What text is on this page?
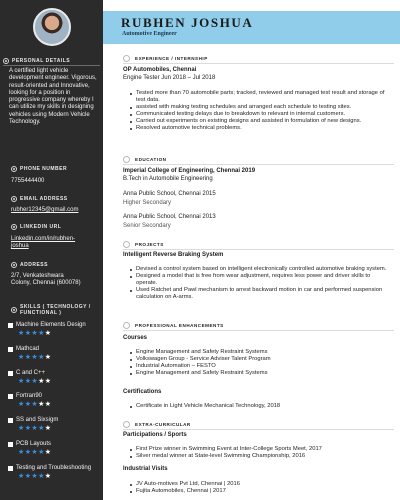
PERSONAL DETAILS
A certified light vehicle development engineer. Vigorous, result-oriented and Innovative, looking for a position in progressive company whereby I can utilize my skills in designing vehicles using Modern Vehicle Technology.
PHONE NUMBER
7755444400
EMAIL ADDRESS
rubher12345@gmail.com
LINKEDIN URL
Linkedin.com/in/rubhen-joshua
ADDRESS
2/7, Venkateshwara Colony, Chennai (600078)
SKILLS ( TECHNOLOGY / FUNCTIONAL )
Machine Elements Design
★★★★★
Mathcad
★★★★★
C and C++
★★★★★
Fortran90
★★★★★
SS and Sixsigm
★★★★★
PCB Layouts
★★★★★
Testing and Troubleshooting
★★★★★
RUBHEN JOSHUA
Automotive Engineer
EXPERIENCE / INTERNSHIP
OP Automobiles, Chennai
Engine Tester Jun 2018 – Jul 2018
Tested more than 70 automobile parts; tracked, reviewed and managed test result and storage of test data.
assisted with making testing schedules and arranged each schedule to testing sites.
Communicated testing delays due to breakdown to relevant in internal customers.
Carried out experiments on existing designs and assisted in formulation of new designs.
Resolved automotive technical problems.
EDUCATION
Imperial College of Engineering, Chennai 2019
B.Tech in Automobile Engineering
Anna Public School, Chennai 2015
Higher Secondary
Anna Public School, Chennai 2013
Senior Secondary
PROJECTS
Intelligent Reverse Braking System
Devised a control system based on intelligent electronically controlled automotive braking system.
Designed a model that is free from wear adjustment, requires less power and driver skills to operate.
Used Ratchet and Pawl mechanism to arrest backward motion in car and performed suspension calculation on A-arms.
PROFESSIONAL ENHANCEMENTS
Courses
Engine Management and Safety Restraint Systems
Volkswagen Group - Service Adviser Talent Program
Industrial Automation – FESTO
Engine Management and Safety Restraint Systems
Certifications
Certificate in Light Vehicle Mechanical Technology, 2018
EXTRA-CURRICULAR
Participations / Sports
First Prize winner in Swimming Event at Inter-College Sports Meet, 2017
Silver medal winner at State-level Swimming Championship, 2016
Industrial Visits
JV Auto-motives Pvt Ltd, Chennai | 2016
Fujita Automobiles, Chennai | 2017
